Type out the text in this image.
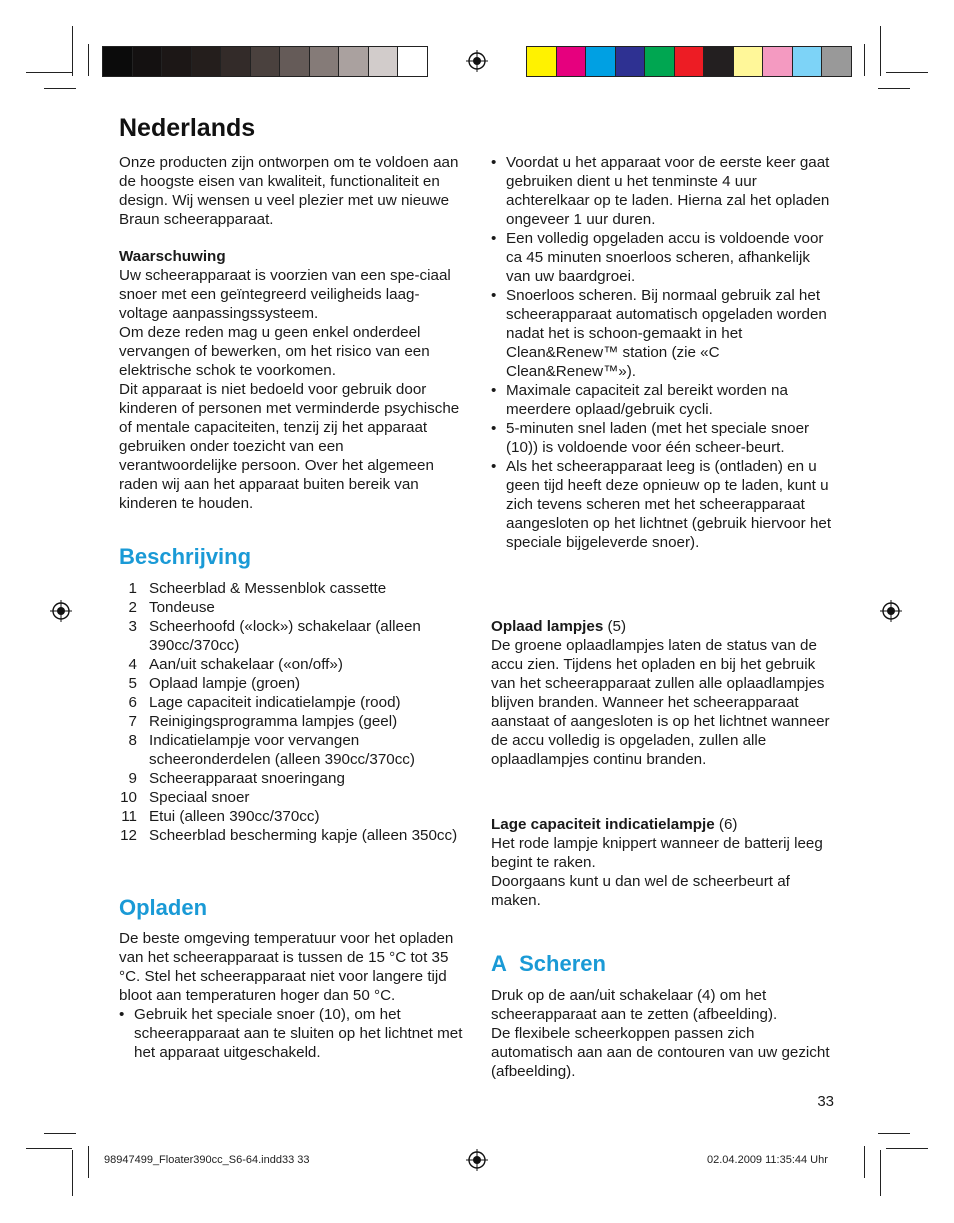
Nederlands

Onze producten zijn ontworpen om te voldoen aan de hoogste eisen van kwaliteit, functionaliteit en design. Wij wensen u veel plezier met uw nieuwe Braun scheerapparaat.

Waarschuwing

Uw scheerapparaat is voorzien van een spe-ciaal snoer met een geïntegreerd veiligheids laag-voltage aanpassingssysteem.

Om deze reden mag u geen enkel onderdeel vervangen of bewerken, om het risico van een elektrische schok te voorkomen.

Dit apparaat is niet bedoeld voor gebruik door kinderen of personen met verminderde psychische of mentale capaciteiten, tenzij zij het apparaat gebruiken onder toezicht van een verantwoordelijke persoon. Over het algemeen raden wij aan het apparaat buiten bereik van kinderen te houden.

Beschrijving
1 Scheerblad & Messenblok cassette
2 Tondeuse
3 Scheerhoofd («lock») schakelaar (alleen 390cc/370cc)
4 Aan/uit schakelaar («on/off»)
5 Oplaad lampje (groen)
6 Lage capaciteit indicatielampje (rood)
7 Reinigingsprogramma lampjes (geel)
8 Indicatielampje voor vervangen scheeronderdelen (alleen 390cc/370cc)
9 Scheerapparaat snoeringang
10 Speciaal snoer
11 Etui (alleen 390cc/370cc)
12 Scheerblad bescherming kapje (alleen 350cc)
Opladen

De beste omgeving temperatuur voor het opladen van het scheerapparaat is tussen de 15 °C tot 35 °C. Stel het scheerapparaat niet voor langere tijd bloot aan temperaturen hoger dan 50 °C.

• Gebruik het speciale snoer (10), om het scheerapparaat aan te sluiten op het lichtnet met het apparaat uitgeschakeld.
• Voordat u het apparaat voor de eerste keer gaat gebruiken dient u het tenminste 4 uur achterelkaar op te laden. Hierna zal het opladen ongeveer 1 uur duren.
• Een volledig opgeladen accu is voldoende voor ca 45 minuten snoerloos scheren, afhankelijk van uw baardgroei.
• Snoerloos scheren. Bij normaal gebruik zal het scheerapparaat automatisch opgeladen worden nadat het is schoon-gemaakt in het Clean&Renew™ station (zie «C Clean&Renew™»).
• Maximale capaciteit zal bereikt worden na meerdere oplaad/gebruik cycli.
• 5-minuten snel laden (met het speciale snoer (10)) is voldoende voor één scheer-beurt.
• Als het scheerapparaat leeg is (ontladen) en u geen tijd heeft deze opnieuw op te laden, kunt u zich tevens scheren met het scheerapparaat aangesloten op het lichtnet (gebruik hiervoor het speciale bijgeleverde snoer).

Oplaad lampjes (5)

De groene oplaadlampjes laten de status van de accu zien. Tijdens het opladen en bij het gebruik van het scheerapparaat zullen alle oplaadlampjes blijven branden. Wanneer het scheerapparaat aanstaat of aangesloten is op het lichtnet wanneer de accu volledig is opgeladen, zullen alle oplaadlampjes continu branden.

Lage capaciteit indicatielampje (6)

Het rode lampje knippert wanneer de batterij leeg begint te raken.

Doorgaans kunt u dan wel de scheerbeurt af maken.

A Scheren

Druk op de aan/uit schakelaar (4) om het scheerapparaat aan te zetten (afbeelding).

De flexibele scheerkoppen passen zich automatisch aan aan de contouren van uw gezicht (afbeelding).

33
98947499_Floater390cc_S6-64.indd33 33	02.04.2009 11:35:44 Uhr
